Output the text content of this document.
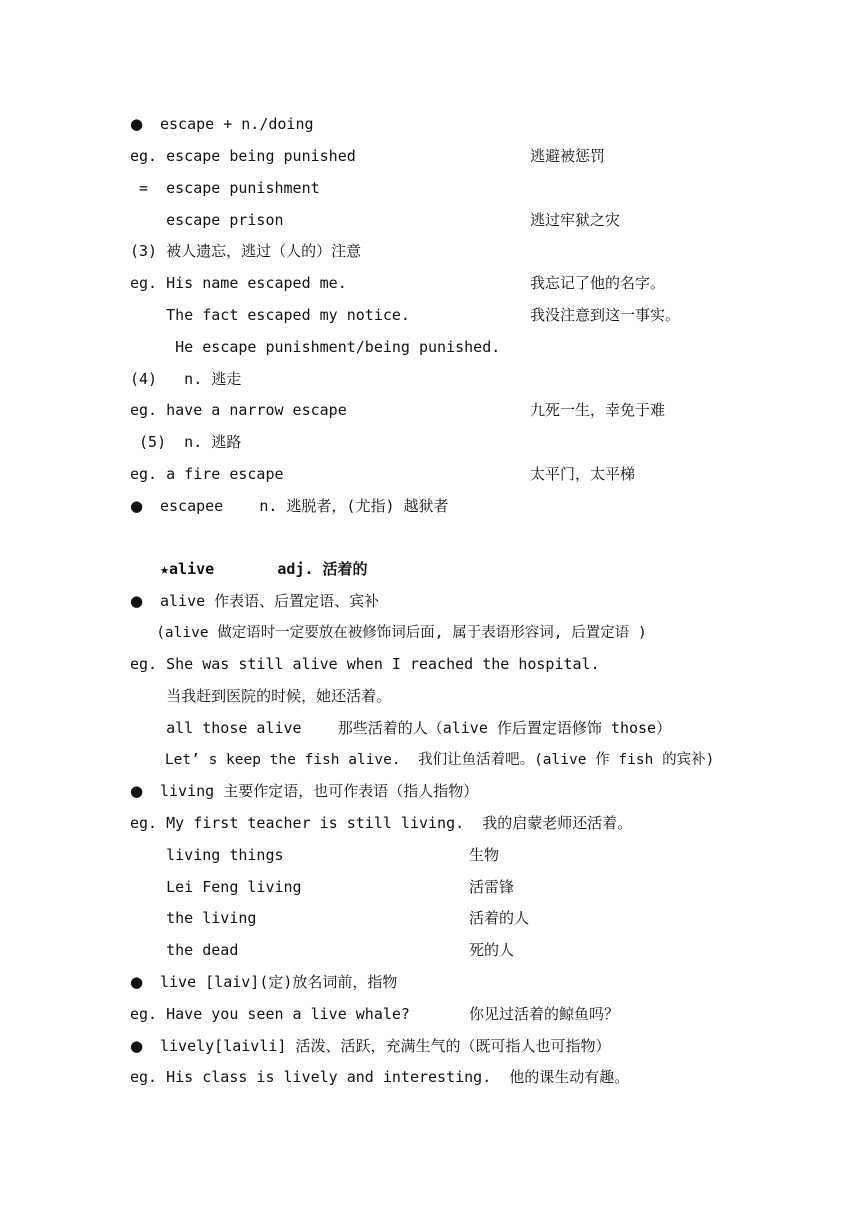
● escape + n./doing
eg. escape being punished	逃避被惩罚
=  escape punishment
escape prison	逃过牢狱之灾
(3) 被人遗忘，逃过（人的）注意
eg. His name escaped me.	我忘记了他的名字。
The fact escaped my notice.	我没注意到这一事实。
He escape punishment/being punished.
(4)   n. 逃走
eg. have a narrow escape	九死一生，幸免于难
(5)  n. 逃路
eg. a fire escape	太平门，太平梯
● escapee    n. 逃脱者，(尤指) 越狱者
★alive       adj. 活着的
● alive 作表语、后置定语、宾补
(alive 做定语时一定要放在被修饰词后面, 属于表语形容词, 后置定语 )
eg. She was still alive when I reached the hospital.
当我赶到医院的时候，她还活着。
all those alive    那些活着的人（alive 作后置定语修饰 those）
Let’ s keep the fish alive.  我们让鱼活着吧。(alive 作 fish 的宾补)
● living 主要作定语，也可作表语（指人指物）
eg. My first teacher is still living.  我的启蒙老师还活着。
living things	生物
Lei Feng living	活雷锋
the living	活着的人
the dead	死的人
● live [laiv](定)放名词前，指物
eg. Have you seen a live whale?	你见过活着的鲸鱼吗？
● lively[laivli] 活泼、活跃，充满生气的（既可指人也可指物）
eg. His class is lively and interesting.  他的课生动有趣。
